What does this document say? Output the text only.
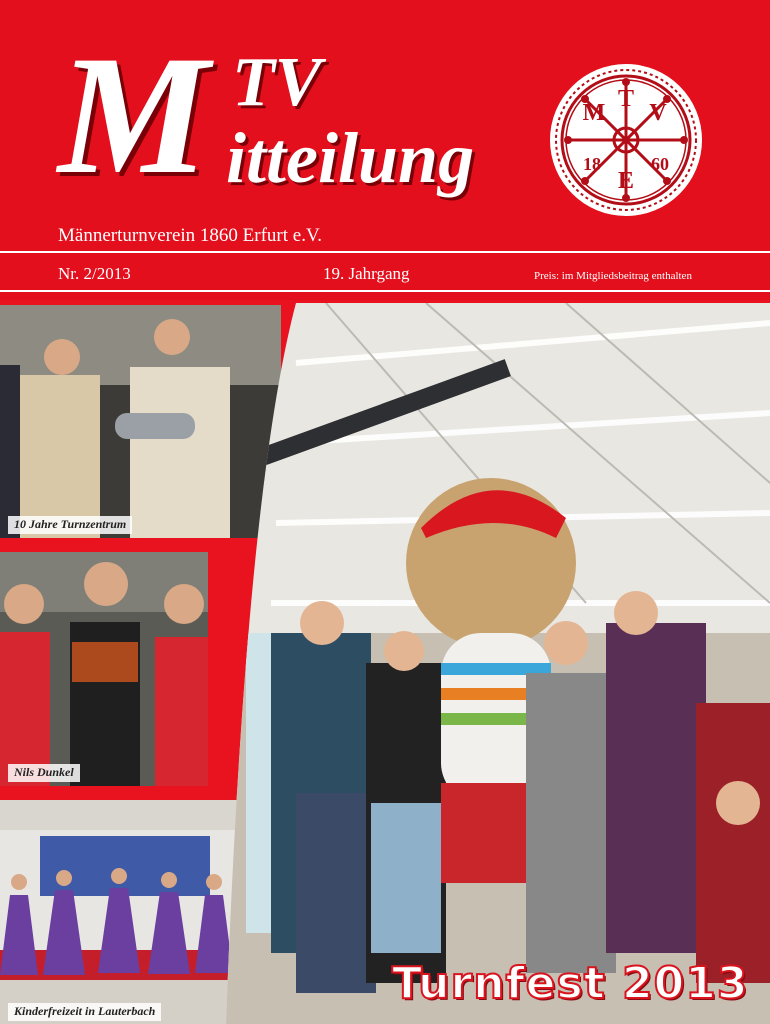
M TV
itteilung
M
T
V
E
18	60
Männerturnverein 1860 Erfurt e.V.
Nr. 2/2013	19. Jahrgang	Preis: im Mitgliedsbeitrag enthalten
10 Jahre Turnzentrum
Nils Dunkel
Kinderfreizeit in Lauterbach
Turnfest 2013
